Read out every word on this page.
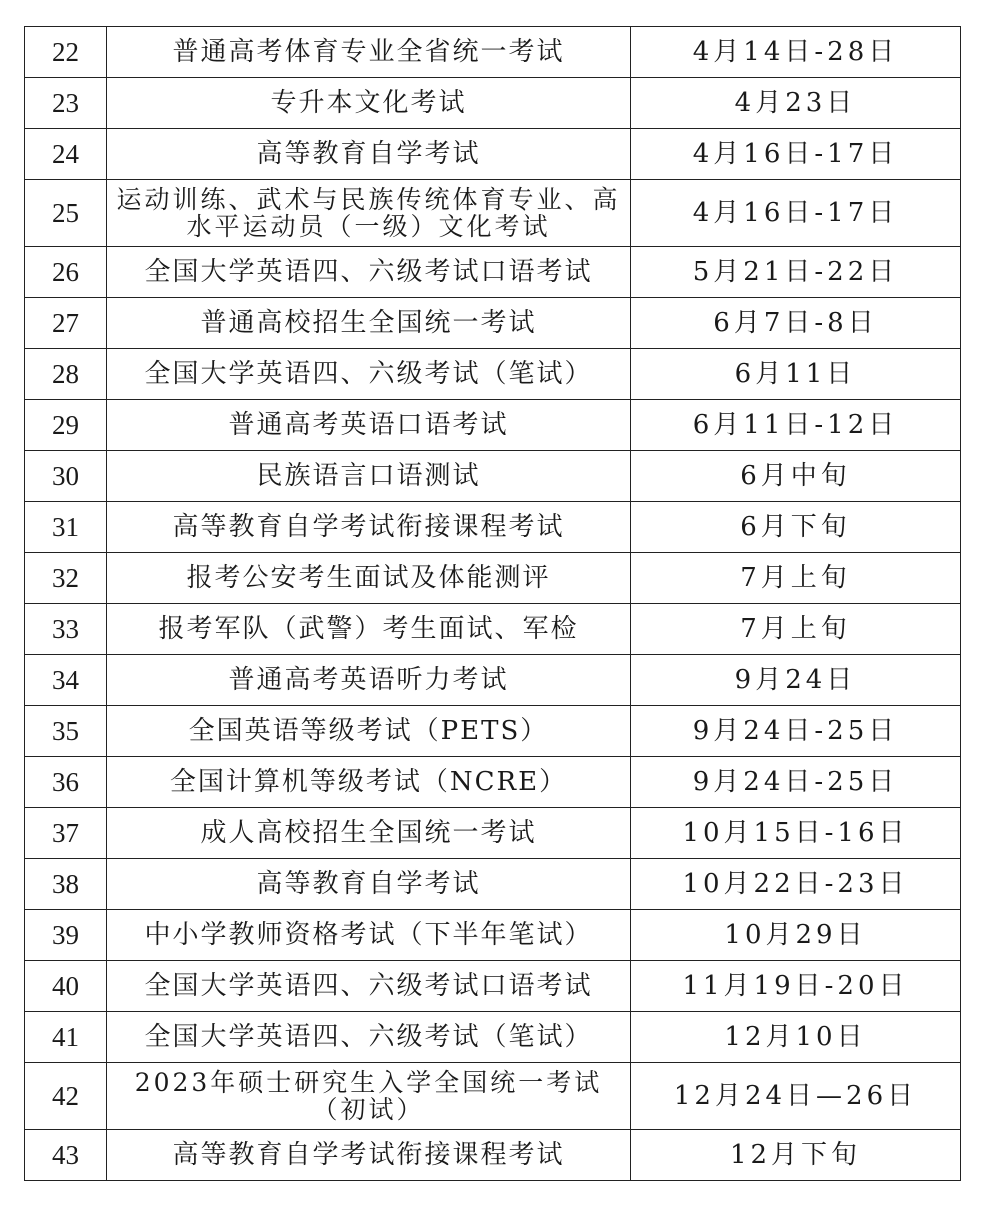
22	普通高考体育专业全省统一考试	4月14日-28日
23	专升本文化考试	4月23日
24	高等教育自学考试	4月16日-17日
25	运动训练、武术与民族传统体育专业、高水平运动员（一级）文化考试	4月16日-17日
26	全国大学英语四、六级考试口语考试	5月21日-22日
27	普通高校招生全国统一考试	6月7日-8日
28	全国大学英语四、六级考试（笔试）	6月11日
29	普通高考英语口语考试	6月11日-12日
30	民族语言口语测试	6月中旬
31	高等教育自学考试衔接课程考试	6月下旬
32	报考公安考生面试及体能测评	7月上旬
33	报考军队（武警）考生面试、军检	7月上旬
34	普通高考英语听力考试	9月24日
35	全国英语等级考试（PETS）	9月24日-25日
36	全国计算机等级考试（NCRE）	9月24日-25日
37	成人高校招生全国统一考试	10月15日-16日
38	高等教育自学考试	10月22日-23日
39	中小学教师资格考试（下半年笔试）	10月29日
40	全国大学英语四、六级考试口语考试	11月19日-20日
41	全国大学英语四、六级考试（笔试）	12月10日
42	2023年硕士研究生入学全国统一考试（初试）	12月24日—26日
43	高等教育自学考试衔接课程考试	12月下旬
